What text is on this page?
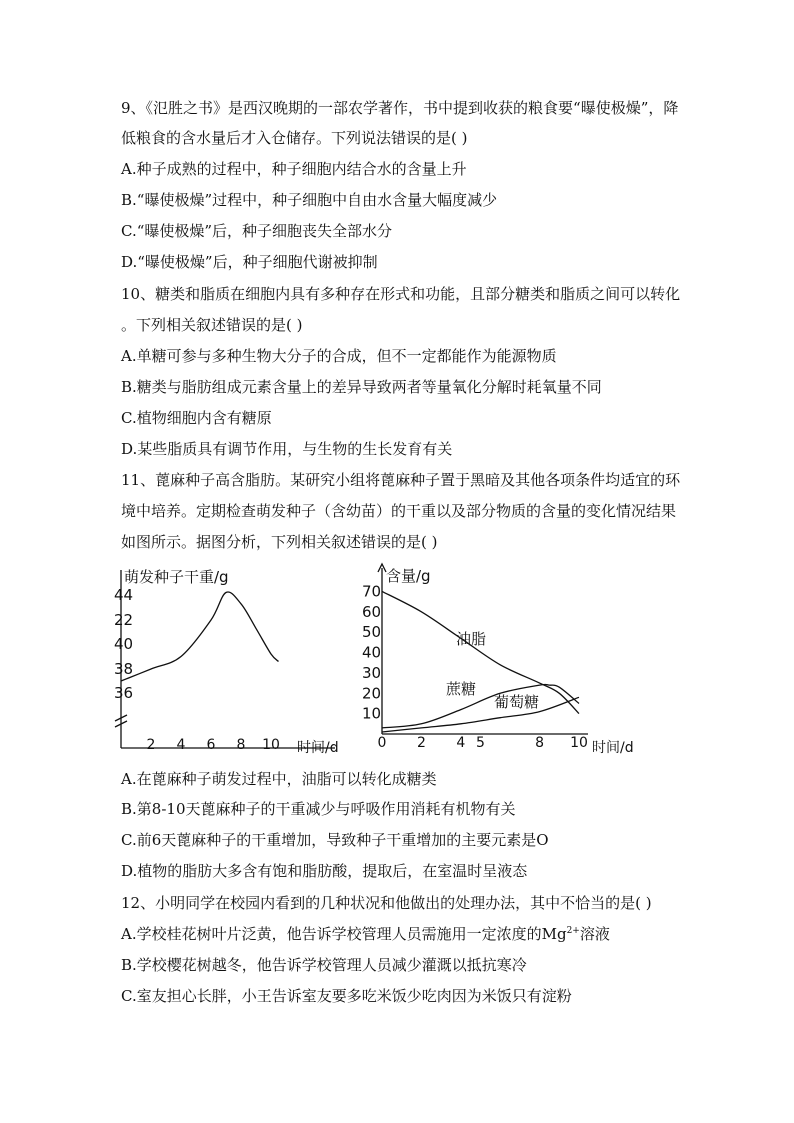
9、《氾胜之书》是西汉晚期的一部农学著作，书中提到收获的粮食要“曝使极燥”，降
低粮食的含水量后才入仓储存。下列说法错误的是( )
A.种子成熟的过程中，种子细胞内结合水的含量上升
B.“曝使极燥”过程中，种子细胞中自由水含量大幅度减少
C.“曝使极燥”后，种子细胞丧失全部水分
D.“曝使极燥”后，种子细胞代谢被抑制
10、糖类和脂质在细胞内具有多种存在形式和功能，且部分糖类和脂质之间可以转化
。下列相关叙述错误的是( )
A.单糖可参与多种生物大分子的合成，但不一定都能作为能源物质
B.糖类与脂肪组成元素含量上的差异导致两者等量氧化分解时耗氧量不同
C.植物细胞内含有糖原
D.某些脂质具有调节作用，与生物的生长发育有关
11、蓖麻种子高含脂肪。某研究小组将蓖麻种子置于黑暗及其他各项条件均适宜的环
境中培养。定期检查萌发种子（含幼苗）的干重以及部分物质的含量的变化情况结果
如图所示。据图分析，下列相关叙述错误的是( )
萌发种子干重/g
时间/d
36
38
40
22
44
2 4 6 8 10
含量/g
时间/d
油脂
蔗糖
葡萄糖
10
20
30
40
50
60
70
0 2 4 5	8 10
A.在蓖麻种子萌发过程中，油脂可以转化成糖类
B.第8-10天蓖麻种子的干重减少与呼吸作用消耗有机物有关
C.前6天蓖麻种子的干重增加，导致种子干重增加的主要元素是O
D.植物的脂肪大多含有饱和脂肪酸，提取后，在室温时呈液态
12、小明同学在校园内看到的几种状况和他做出的处理办法，其中不恰当的是( )
A.学校桂花树叶片泛黄，他告诉学校管理人员需施用一定浓度的$Mg^{2+}$溶液
B.学校樱花树越冬，他告诉学校管理人员减少灌溉以抵抗寒冷
C.室友担心长胖，小王告诉室友要多吃米饭少吃肉因为米饭只有淀粉
